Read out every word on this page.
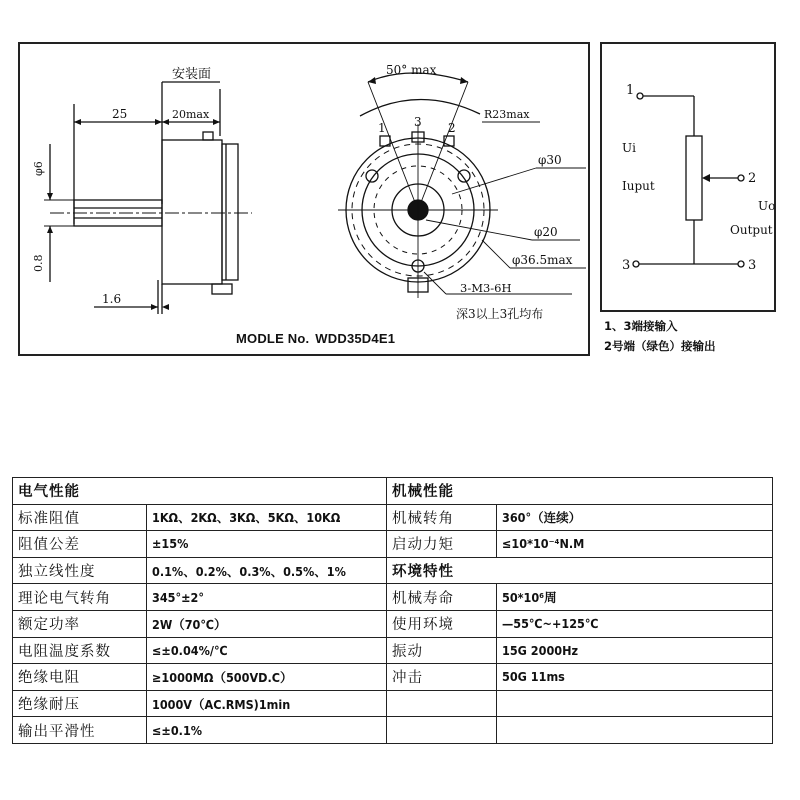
安装面
25	20max
φ6
0.8
1.6
50° max
R23max
1 3 2
φ30
φ20
φ36.5max
3-M3-6H
深3以上3孔均布
MODLE No. WDD35D4E1
1
3
2
3
Ui
Iuput
Uo
Output
1、3端接输入
2号端（绿色）接输出
电气性能		机械性能	
标准阻值	1KΩ、2KΩ、3KΩ、5KΩ、10KΩ	机械转角	360°（连续）
阻值公差	±15%	启动力矩	≤10*10⁻⁴N.M
独立线性度	0.1%、0.2%、0.3%、0.5%、1%	环境特性	
理论电气转角	345°±2°	机械寿命	50*10⁶周
额定功率	2W（70℃）	使用环境	—55℃~+125℃
电阻温度系数	≤±0.04%/℃	振动	15G 2000Hz
绝缘电阻	≥1000MΩ（500VD.C）	冲击	50G 11ms
绝缘耐压	1000V（AC.RMS)1min		
输出平滑性	≤±0.1%		
